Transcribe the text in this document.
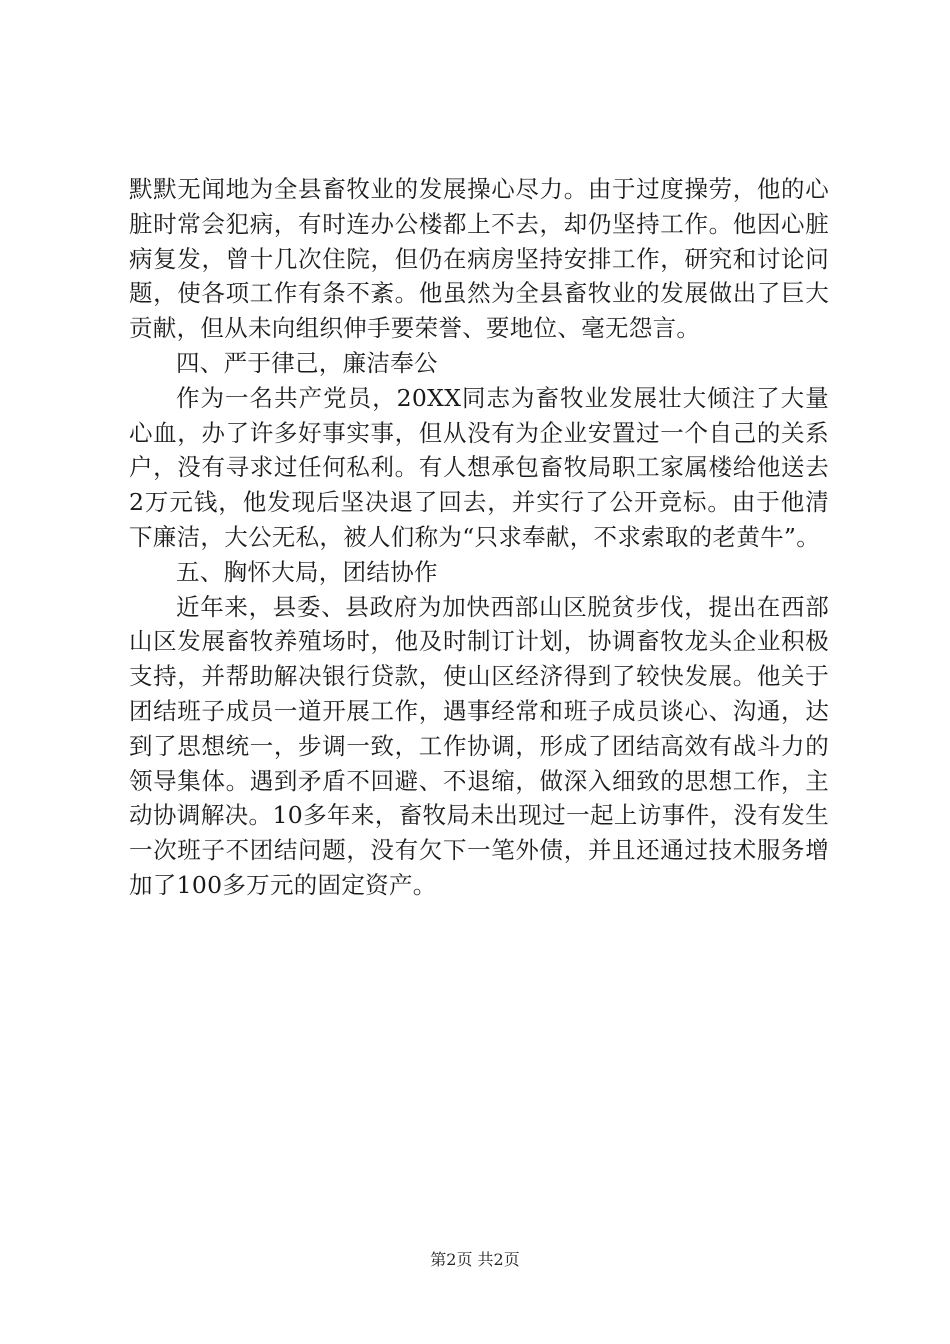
默默无闻地为全县畜牧业的发展操心尽力。由于过度操劳，他的心脏时常会犯病，有时连办公楼都上不去，却仍坚持工作。他因心脏病复发，曾十几次住院，但仍在病房坚持安排工作，研究和讨论问题，使各项工作有条不紊。他虽然为全县畜牧业的发展做出了巨大贡献，但从未向组织伸手要荣誉、要地位、毫无怨言。

四、严于律己，廉洁奉公

作为一名共产党员，20XX同志为畜牧业发展壮大倾注了大量心血，办了许多好事实事，但从没有为企业安置过一个自己的关系户，没有寻求过任何私利。有人想承包畜牧局职工家属楼给他送去2万元钱，他发现后坚决退了回去，并实行了公开竞标。由于他清下廉洁，大公无私，被人们称为“只求奉献，不求索取的老黄牛”。

五、胸怀大局，团结协作

近年来，县委、县政府为加快西部山区脱贫步伐，提出在西部山区发展畜牧养殖场时，他及时制订计划，协调畜牧龙头企业积极支持，并帮助解决银行贷款，使山区经济得到了较快发展。他关于团结班子成员一道开展工作，遇事经常和班子成员谈心、沟通，达到了思想统一，步调一致，工作协调，形成了团结高效有战斗力的领导集体。遇到矛盾不回避、不退缩，做深入细致的思想工作，主动协调解决。10多年来，畜牧局未出现过一起上访事件，没有发生一次班子不团结问题，没有欠下一笔外债，并且还通过技术服务增加了100多万元的固定资产。

第2页 共2页
